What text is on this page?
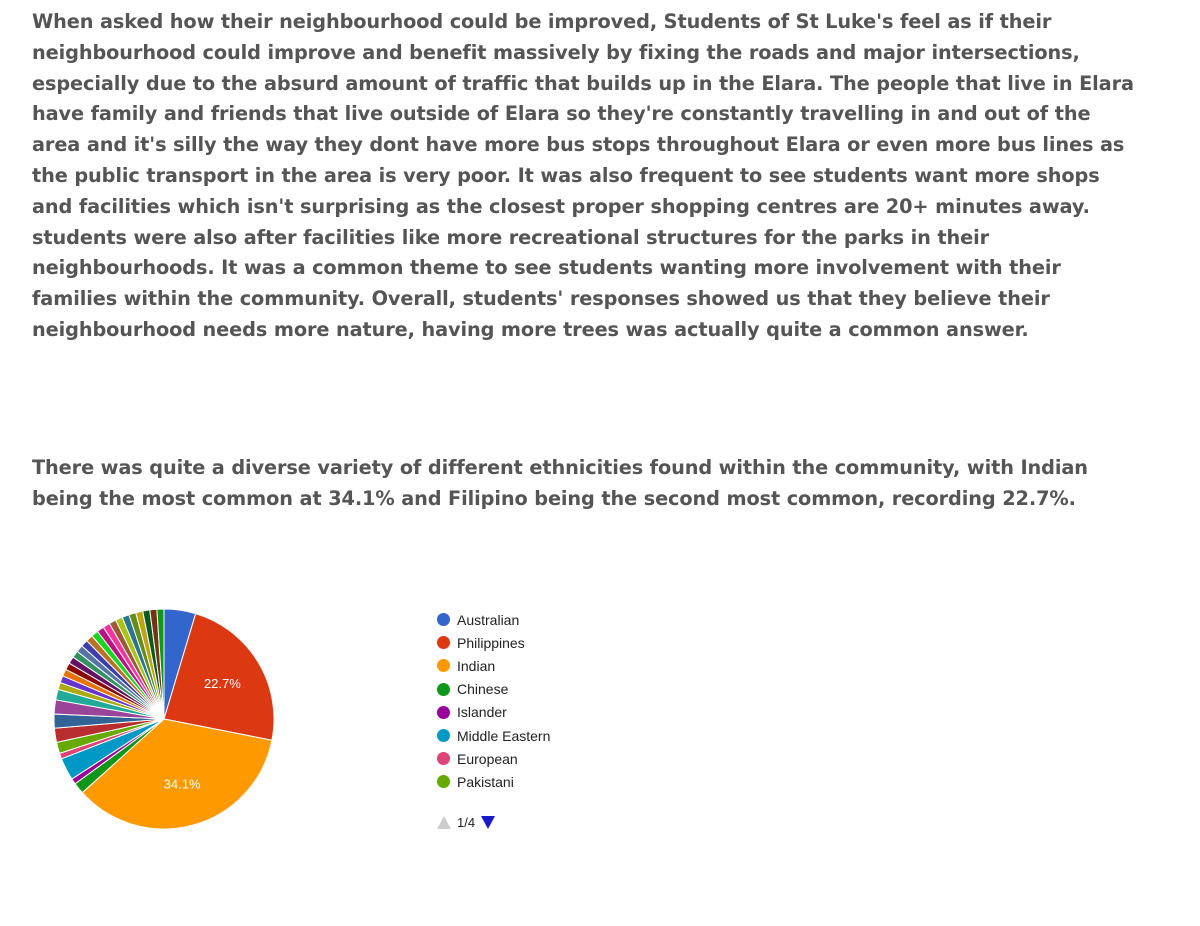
When asked how their neighbourhood could be improved, Students of St Luke's feel as if their neighbourhood could improve and benefit massively by fixing the roads and major intersections, especially due to the absurd amount of traffic that builds up in the Elara. The people that live in Elara have family and friends that live outside of Elara so they're constantly travelling in and out of the area and it's silly the way they dont have more bus stops throughout Elara or even more bus lines as the public transport in the area is very poor. It was also frequent to see students want more shops and facilities which isn't surprising as the closest proper shopping centres are 20+ minutes away. students were also after facilities like more recreational structures for the parks in their neighbourhoods. It was a common theme to see students wanting more involvement with their families within the community. Overall, students' responses showed us that they believe their neighbourhood needs more nature, having more trees was actually quite a common answer.

There was quite a diverse variety of different ethnicities found within the community, with Indian being the most common at 34.1% and Filipino being the second most common, recording 22.7%.

22.7%
34.1%
Australian
Philippines
Indian
Chinese
Islander
Middle Eastern
European
Pakistani
1/4
